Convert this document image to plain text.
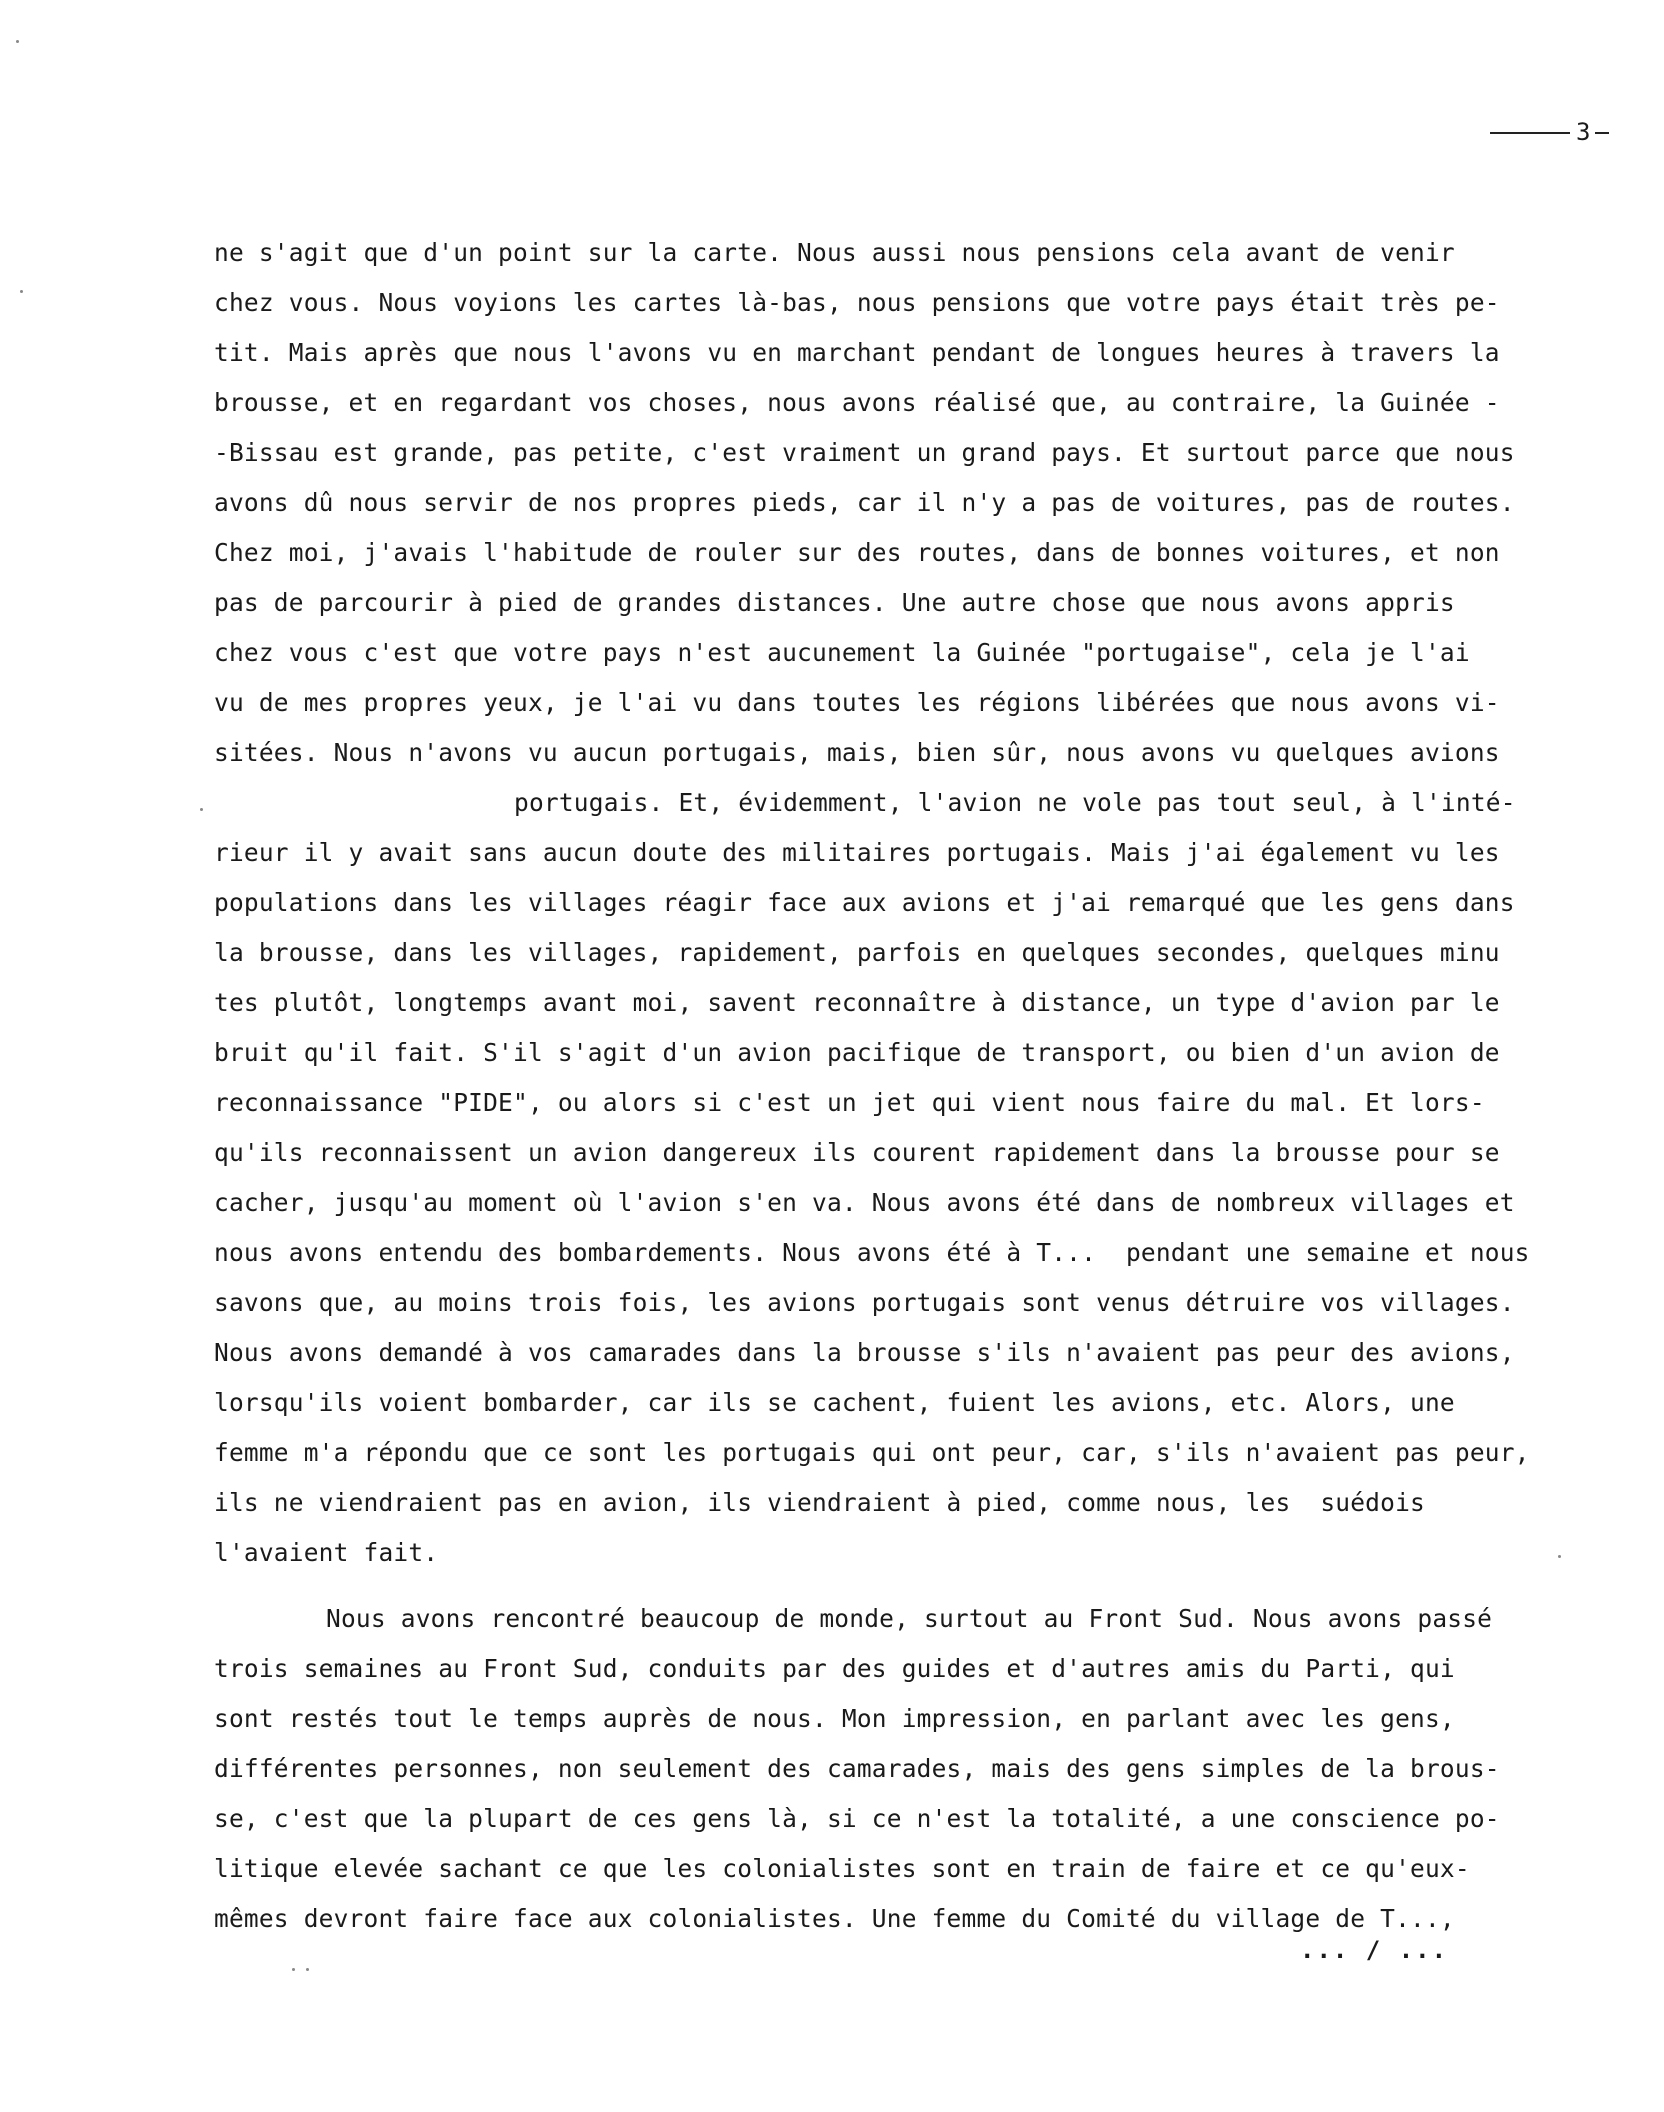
3
ne s'agit que d'un point sur la carte. Nous aussi nous pensions cela avant de venir
chez vous. Nous voyions les cartes là-bas, nous pensions que votre pays était très pe-
tit. Mais après que nous l'avons vu en marchant pendant de longues heures à travers la
brousse, et en regardant vos choses, nous avons réalisé que, au contraire, la Guinée -
-Bissau est grande, pas petite, c'est vraiment un grand pays. Et surtout parce que nous
avons dû nous servir de nos propres pieds, car il n'y a pas de voitures, pas de routes.
Chez moi, j'avais l'habitude de rouler sur des routes, dans de bonnes voitures, et non
pas de parcourir à pied de grandes distances. Une autre chose que nous avons appris
chez vous c'est que votre pays n'est aucunement la Guinée "portugaise", cela je l'ai
vu de mes propres yeux, je l'ai vu dans toutes les régions libérées que nous avons vi-
sitées. Nous n'avons vu aucun portugais, mais, bien sûr, nous avons vu quelques avions
portugais. Et, évidemment, l'avion ne vole pas tout seul, à l'inté-
rieur il y avait sans aucun doute des militaires portugais. Mais j'ai également vu les
populations dans les villages réagir face aux avions et j'ai remarqué que les gens dans
la brousse, dans les villages, rapidement, parfois en quelques secondes, quelques minu
tes plutôt, longtemps avant moi, savent reconnaître à distance, un type d'avion par le
bruit qu'il fait. S'il s'agit d'un avion pacifique de transport, ou bien d'un avion de
reconnaissance "PIDE", ou alors si c'est un jet qui vient nous faire du mal. Et lors-
qu'ils reconnaissent un avion dangereux ils courent rapidement dans la brousse pour se
cacher, jusqu'au moment où l'avion s'en va. Nous avons été dans de nombreux villages et
nous avons entendu des bombardements. Nous avons été à T...  pendant une semaine et nous
savons que, au moins trois fois, les avions portugais sont venus détruire vos villages.
Nous avons demandé à vos camarades dans la brousse s'ils n'avaient pas peur des avions,
lorsqu'ils voient bombarder, car ils se cachent, fuient les avions, etc. Alors, une
femme m'a répondu que ce sont les portugais qui ont peur, car, s'ils n'avaient pas peur,
ils ne viendraient pas en avion, ils viendraient à pied, comme nous, les  suédois
l'avaient fait.
Nous avons rencontré beaucoup de monde, surtout au Front Sud. Nous avons passé
trois semaines au Front Sud, conduits par des guides et d'autres amis du Parti, qui
sont restés tout le temps auprès de nous. Mon impression, en parlant avec les gens,
différentes personnes, non seulement des camarades, mais des gens simples de la brous-
se, c'est que la plupart de ces gens là, si ce n'est la totalité, a une conscience po-
litique elevée sachant ce que les colonialistes sont en train de faire et ce qu'eux-
mêmes devront faire face aux colonialistes. Une femme du Comité du village de T...,
... / ...
